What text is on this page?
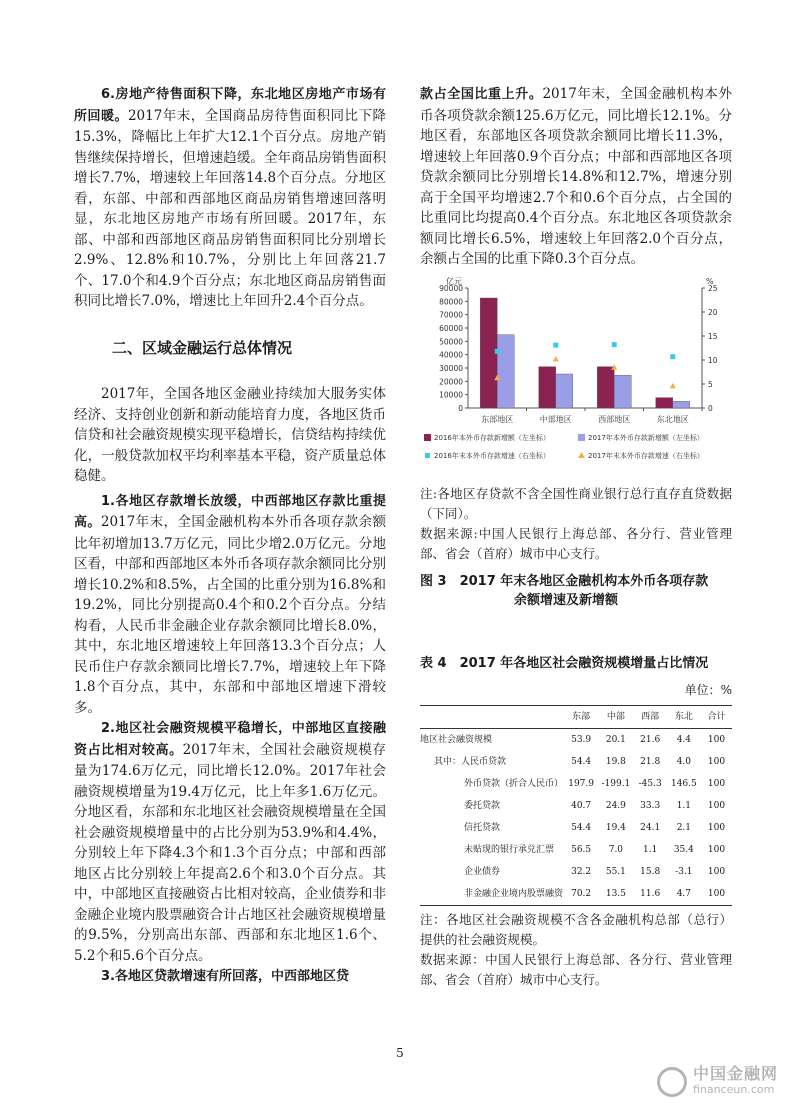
6.房地产待售面积下降，东北地区房地产市场有所回暖。2017年末，全国商品房待售面积同比下降15.3%，降幅比上年扩大12.1个百分点。房地产销售继续保持增长，但增速趋缓。全年商品房销售面积增长7.7%，增速较上年回落14.8个百分点。分地区看，东部、中部和西部地区商品房销售增速回落明显，东北地区房地产市场有所回暖。2017年，东部、中部和西部地区商品房销售面积同比分别增长2.9%、12.8%和10.7%，分别比上年回落21.7个、17.0个和4.9个百分点；东北地区商品房销售面积同比增长7.0%，增速比上年回升2.4个百分点。

二、区域金融运行总体情况

2017年，全国各地区金融业持续加大服务实体经济、支持创业创新和新动能培育力度，各地区货币信贷和社会融资规模实现平稳增长，信贷结构持续优化，一般贷款加权平均利率基本平稳，资产质量总体稳健。

1.各地区存款增长放缓，中西部地区存款比重提高。2017年末，全国金融机构本外币各项存款余额比年初增加13.7万亿元，同比少增2.0万亿元。分地区看，中部和西部地区本外币各项存款余额同比分别增长10.2%和8.5%，占全国的比重分别为16.8%和19.2%，同比分别提高0.4个和0.2个百分点。分结构看，人民币非金融企业存款余额同比增长8.0%，其中，东北地区增速较上年回落13.3个百分点；人民币住户存款余额同比增长7.7%，增速较上年下降1.8个百分点，其中，东部和中部地区增速下滑较多。

2.地区社会融资规模平稳增长，中部地区直接融资占比相对较高。2017年末，全国社会融资规模存量为174.6万亿元，同比增长12.0%。2017年社会融资规模增量为19.4万亿元，比上年多1.6万亿元。分地区看，东部和东北地区社会融资规模增量在全国社会融资规模增量中的占比分别为53.9%和4.4%，分别较上年下降4.3个和1.3个百分点；中部和西部地区占比分别较上年提高2.6个和3.0个百分点。其中，中部地区直接融资占比相对较高，企业债券和非金融企业境内股票融资合计占地区社会融资规模增量的9.5%，分别高出东部、西部和东北地区1.6个、5.2个和5.6个百分点。

3.各地区贷款增速有所回落，中西部地区贷

款占全国比重上升。2017年末，全国金融机构本外币各项贷款余额125.6万亿元，同比增长12.1%。分地区看，东部地区各项贷款余额同比增长11.3%，增速较上年回落0.9个百分点；中部和西部地区各项贷款余额同比分别增长14.8%和12.7%，增速分别高于全国平均增速2.7个和0.6个百分点，占全国的比重同比均提高0.4个百分点。东北地区各项贷款余额同比增长6.5%，增速较上年回落2.0个百分点，余额占全国的比重下降0.3个百分点。

亿元	%
0
10000
20000
30000
40000
50000
60000
70000
80000
90000
0
5
10
15
20
25
东部地区	中部地区	西部地区	东北地区
2016年本外币存款新增额（左坐标）	2017年本外币存款新增额（左坐标）
2016年末本外币存款增速（右坐标）	2017年末本外币存款增速（右坐标）

注:各地区存贷款不含全国性商业银行总行直存直贷数据（下同）。

数据来源:中国人民银行上海总部、各分行、营业管理部、省会（首府）城市中心支行。

图 3　2017 年末各地区金融机构本外币各项存款
余额增速及新增额
表 4　2017 年各地区社会融资规模增量占比情况
单位：%
	东部	中部	西部	东北	合计
地区社会融资规模	53.9	20.1	21.6	4.4	100
其中：人民币贷款	54.4	19.8	21.8	4.0	100
外币贷款（折合人民币）	197.9	-199.1	-45.3	146.5	100
委托贷款	40.7	24.9	33.3	1.1	100
信托贷款	54.4	19.4	24.1	2.1	100
未贴现的银行承兑汇票	56.5	7.0	1.1	35.4	100
企业债券	32.2	55.1	15.8	-3.1	100
非金融企业境内股票融资	70.2	13.5	11.6	4.7	100

注：各地区社会融资规模不含各金融机构总部（总行）提供的社会融资规模。

数据来源：中国人民银行上海总部、各分行、营业管理部、省会（首府）城市中心支行。

5
中国金融网
financeun.com
